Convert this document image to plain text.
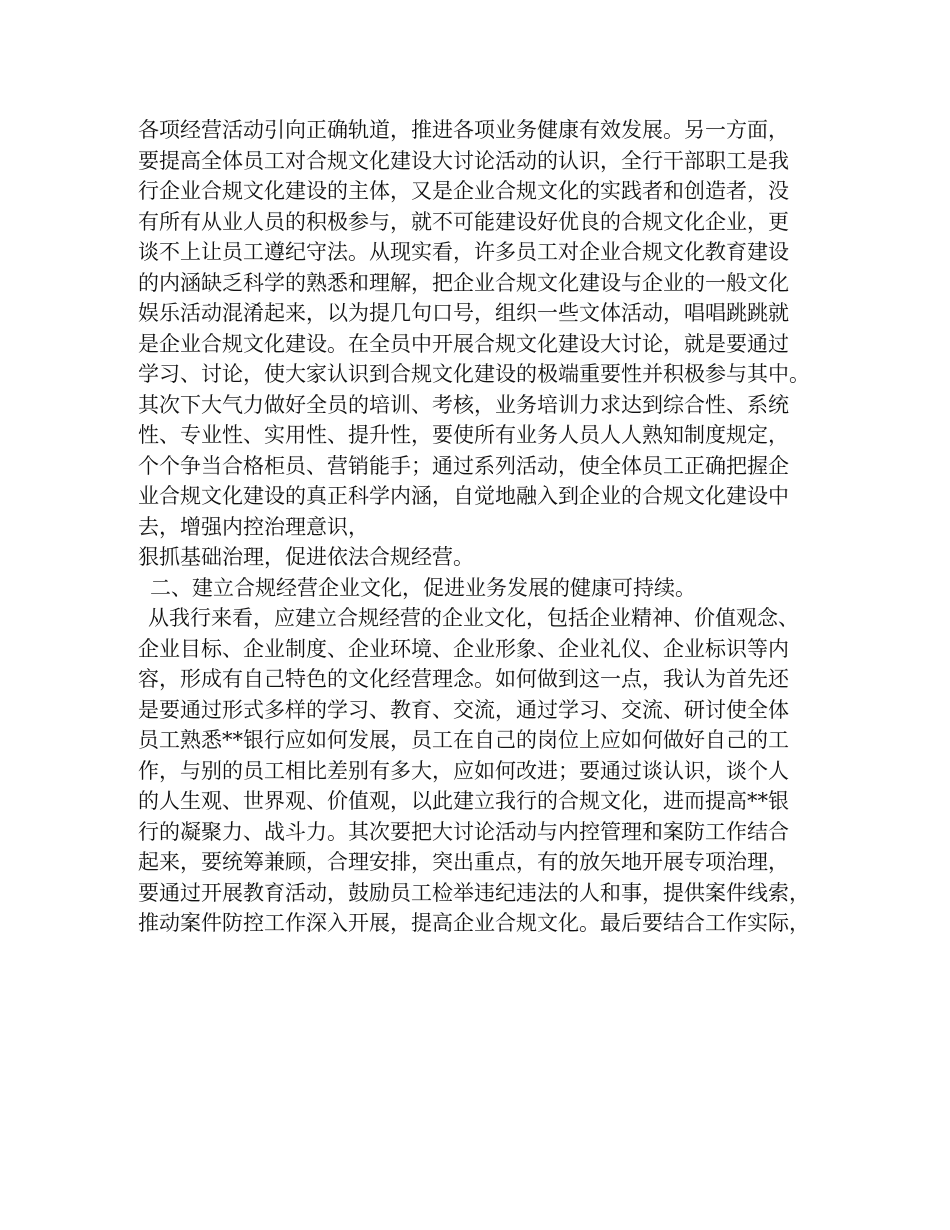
各项经营活动引向正确轨道，推进各项业务健康有效发展。另一方面，
要提高全体员工对合规文化建设大讨论活动的认识，全行干部职工是我
行企业合规文化建设的主体，又是企业合规文化的实践者和创造者，没
有所有从业人员的积极参与，就不可能建设好优良的合规文化企业，更
谈不上让员工遵纪守法。从现实看，许多员工对企业合规文化教育建设
的内涵缺乏科学的熟悉和理解，把企业合规文化建设与企业的一般文化
娱乐活动混淆起来，以为提几句口号，组织一些文体活动，唱唱跳跳就
是企业合规文化建设。在全员中开展合规文化建设大讨论，就是要通过
学习、讨论，使大家认识到合规文化建设的极端重要性并积极参与其中。
其次下大气力做好全员的培训、考核，业务培训力求达到综合性、系统
性、专业性、实用性、提升性，要使所有业务人员人人熟知制度规定，
个个争当合格柜员、营销能手；通过系列活动，使全体员工正确把握企
业合规文化建设的真正科学内涵，自觉地融入到企业的合规文化建设中
去，增强内控治理意识，
狠抓基础治理，促进依法合规经营。
二、建立合规经营企业文化，促进业务发展的健康可持续。
从我行来看，应建立合规经营的企业文化，包括企业精神、价值观念、
企业目标、企业制度、企业环境、企业形象、企业礼仪、企业标识等内
容，形成有自己特色的文化经营理念。如何做到这一点，我认为首先还
是要通过形式多样的学习、教育、交流，通过学习、交流、研讨使全体
员工熟悉**银行应如何发展，员工在自己的岗位上应如何做好自己的工
作，与别的员工相比差别有多大，应如何改进；要通过谈认识，谈个人
的人生观、世界观、价值观，以此建立我行的合规文化，进而提高**银
行的凝聚力、战斗力。其次要把大讨论活动与内控管理和案防工作结合
起来，要统筹兼顾，合理安排，突出重点，有的放矢地开展专项治理，
要通过开展教育活动，鼓励员工检举违纪违法的人和事，提供案件线索，
推动案件防控工作深入开展，提高企业合规文化。最后要结合工作实际，
